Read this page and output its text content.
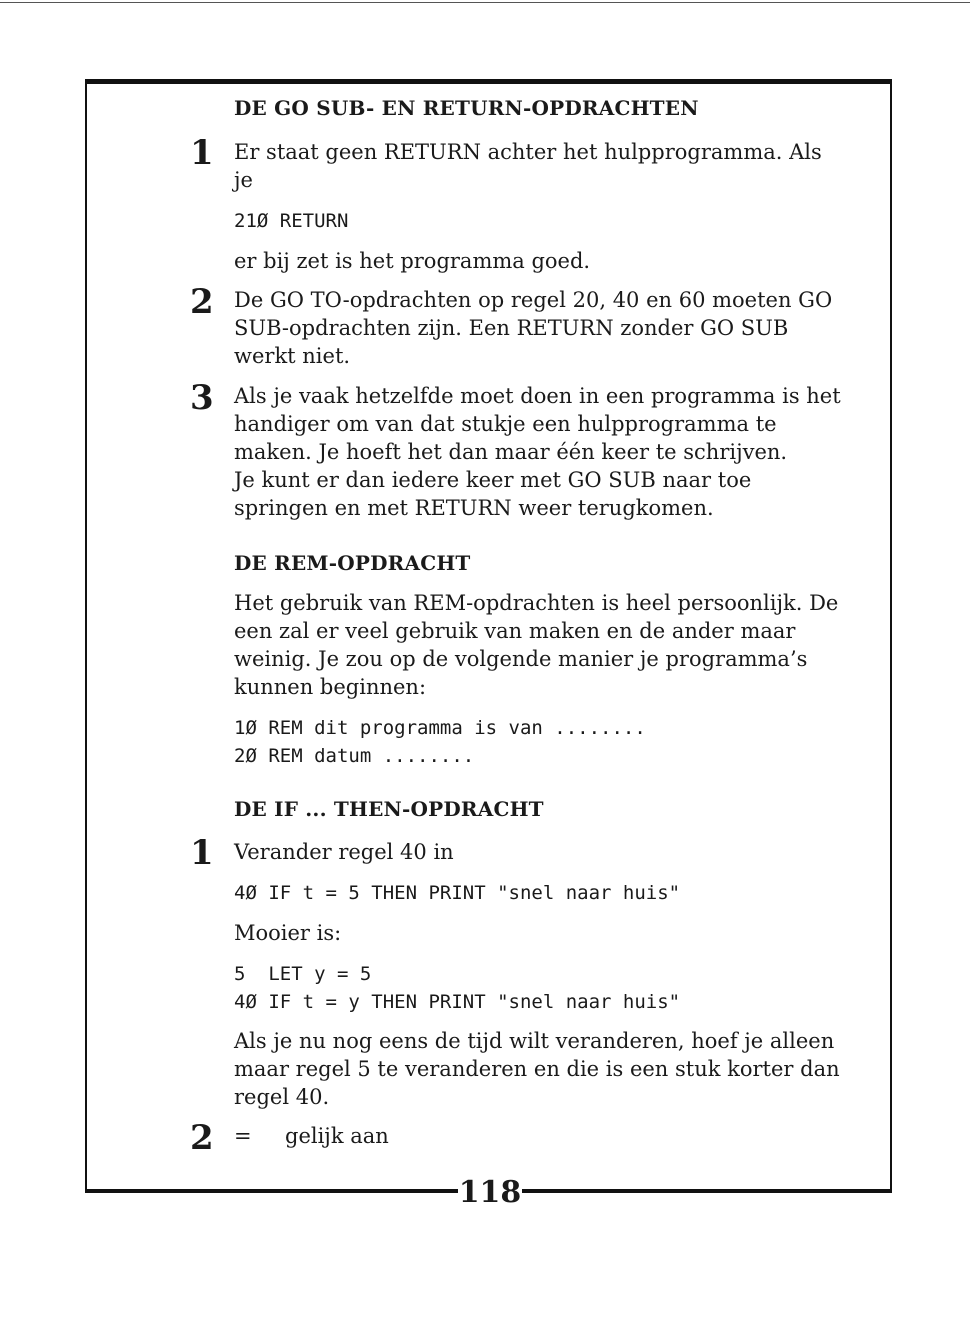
118
DE GO SUB- EN RETURN-OPDRACHTEN
1 Er staat geen RETURN achter het hulpprogramma. Als
je
21Ø RETURN
er bij zet is het programma goed.
2 De GO TO-opdrachten op regel 20, 40 en 60 moeten GO
SUB-opdrachten zijn. Een RETURN zonder GO SUB
werkt niet.
3 Als je vaak hetzelfde moet doen in een programma is het
handiger om van dat stukje een hulpprogramma te
maken. Je hoeft het dan maar één keer te schrijven.
Je kunt er dan iedere keer met GO SUB naar toe
springen en met RETURN weer terugkomen.
DE REM-OPDRACHT
Het gebruik van REM-opdrachten is heel persoonlijk. De
een zal er veel gebruik van maken en de ander maar
weinig. Je zou op de volgende manier je programma’s
kunnen beginnen:
1Ø REM dit programma is van ........
2Ø REM datum ........
DE IF ... THEN-OPDRACHT
1 Verander regel 40 in
4Ø IF t = 5 THEN PRINT "snel naar huis"
Mooier is:
5  LET y = 5
4Ø IF t = y THEN PRINT "snel naar huis"
Als je nu nog eens de tijd wilt veranderen, hoef je alleen
maar regel 5 te veranderen en die is een stuk korter dan
regel 40.
2 = gelijk aan
